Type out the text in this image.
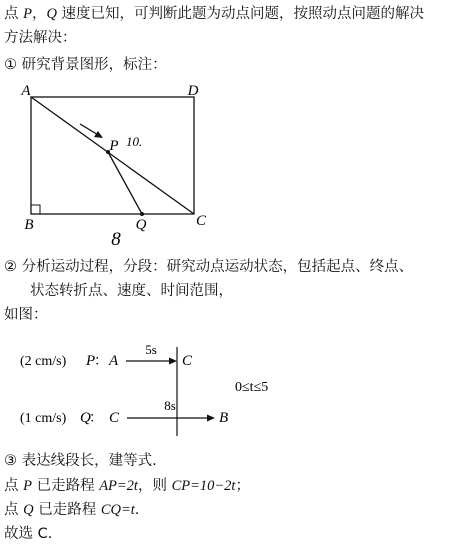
点 P，Q 速度已知，可判断此题为动点问题，按照动点问题的解决
方法解决：
① 研究背景图形，标注：
A	D
B	C
P
Q
10.
8
(2 cm/s) P
： A
5s
C
(1 cm/s) Q
： C
8s
B
0≤t≤5
② 分析运动过程，分段：研究动点运动状态，包括起点、终点、
状态转折点、速度、时间范围，
如图：
③ 表达线段长，建等式.
点 P 已走路程 AP=2t，则 CP=10−2t；
点 Q 已走路程 CQ=t.
故选 C.
